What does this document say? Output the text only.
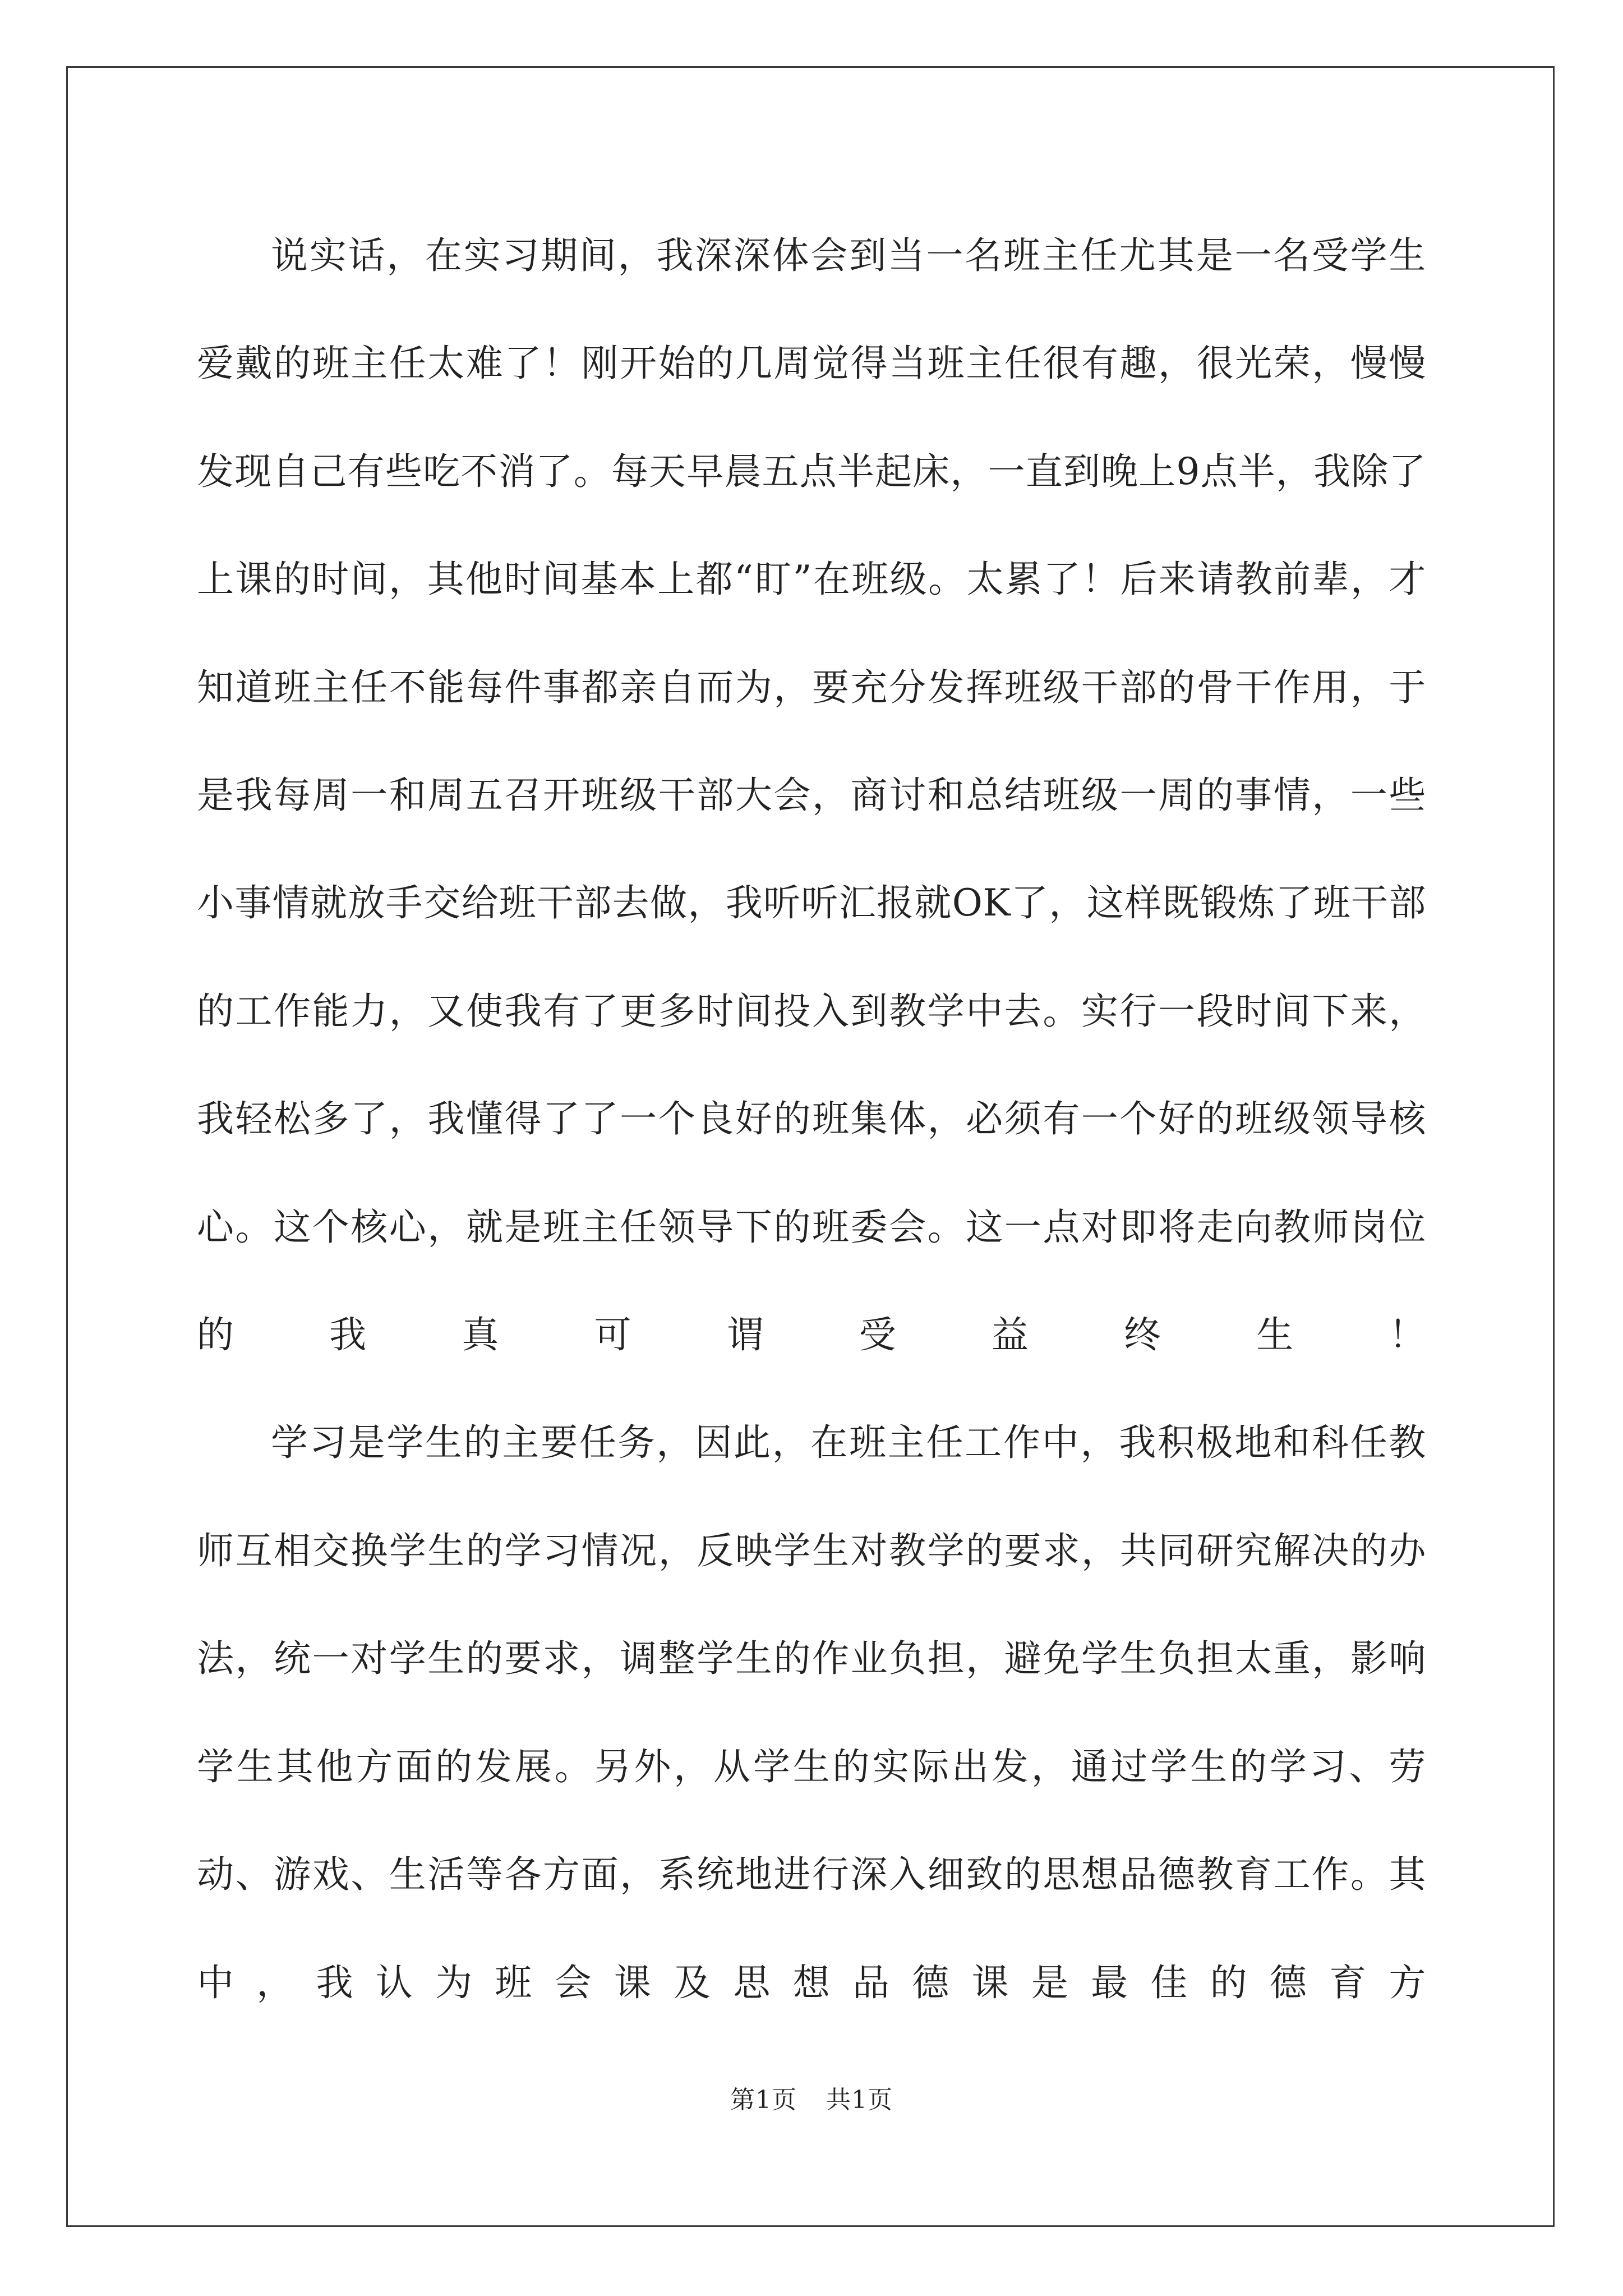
说实话，在实习期间，我深深体会到当一名班主任尤其是一名受学生爱戴的班主任太难了！刚开始的几周觉得当班主任很有趣，很光荣，慢慢发现自己有些吃不消了。每天早晨五点半起床，一直到晚上9点半，我除了上课的时间，其他时间基本上都“盯”在班级。太累了！后来请教前辈，才知道班主任不能每件事都亲自而为，要充分发挥班级干部的骨干作用，于是我每周一和周五召开班级干部大会，商讨和总结班级一周的事情，一些小事情就放手交给班干部去做，我听听汇报就OK了，这样既锻炼了班干部的工作能力，又使我有了更多时间投入到教学中去。实行一段时间下来，我轻松多了，我懂得了了一个良好的班集体，必须有一个好的班级领导核心。这个核心，就是班主任领导下的班委会。这一点对即将走向教师岗位的我真可谓受益终生！

学习是学生的主要任务，因此，在班主任工作中，我积极地和科任教师互相交换学生的学习情况，反映学生对教学的要求，共同研究解决的办法，统一对学生的要求，调整学生的作业负担，避免学生负担太重，影响学生其他方面的发展。另外，从学生的实际出发，通过学生的学习、劳动、游戏、生活等各方面，系统地进行深入细致的思想品德教育工作。其中，我认为班会课及思想品德课是最佳的德育方

第1页 共1页
